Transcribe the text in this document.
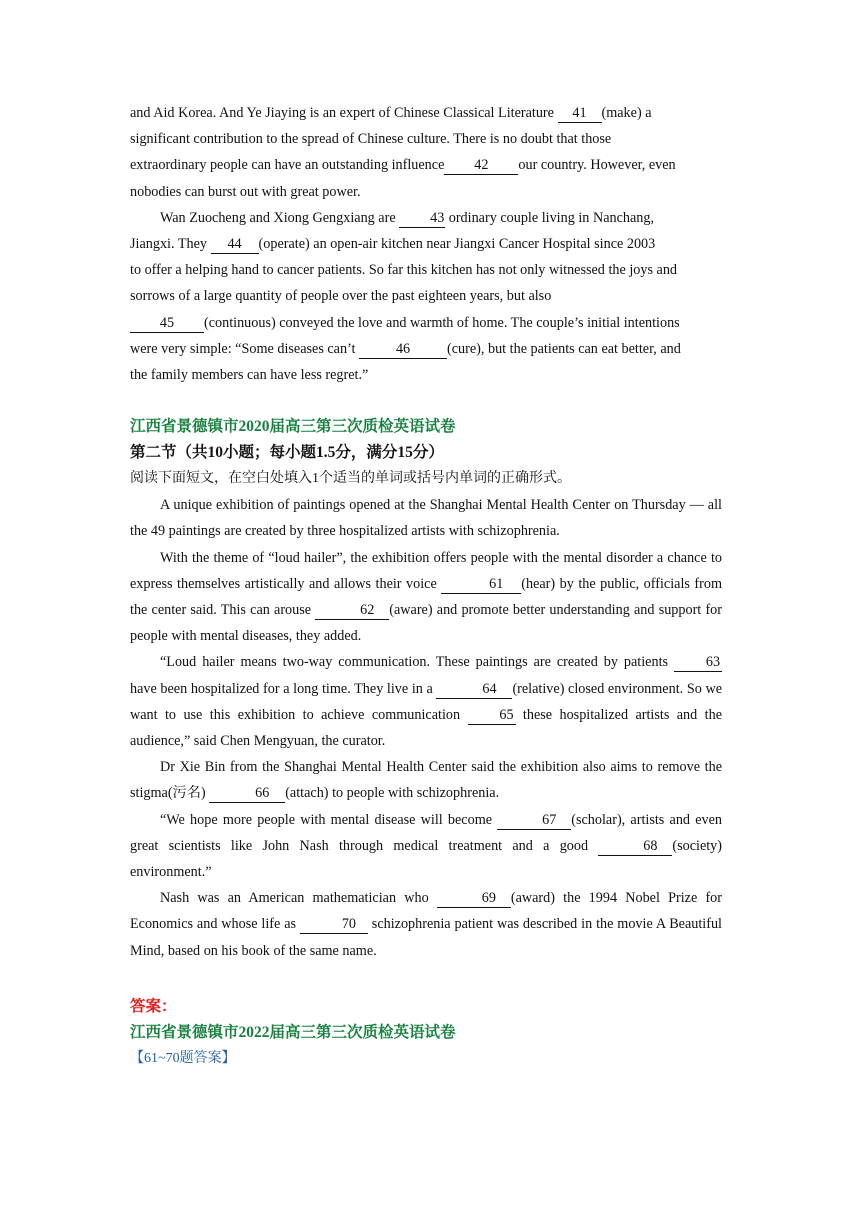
and Aid Korea. And Ye Jiaying is an expert of Chinese Classical Literature 41 (make) a

significant contribution to the spread of Chinese culture. There is no doubt that those

extraordinary people can have an outstanding influence 42 our country. However, even

nobodies can burst out with great power.

Wan Zuocheng and Xiong Gengxiang are 43 ordinary couple living in Nanchang,

Jiangxi. They 44 (operate) an open-air kitchen near Jiangxi Cancer Hospital since 2003

to offer a helping hand to cancer patients. So far this kitchen has not only witnessed the joys and

sorrows of a large quantity of people over the past eighteen years, but also

45 (continuous) conveyed the love and warmth of home. The couple’s initial intentions

were very simple: “Some diseases can’t	46	(cure), but the patients can eat better, and

the family members can have less regret.”

江西省景德镇市2020届高三第三次质检英语试卷

第二节（共10小题；每小题1.5分，满分15分）

阅读下面短文，在空白处填入1个适当的单词或括号内单词的正确形式。

A unique exhibition of paintings opened at the Shanghai Mental Health Center on Thursday — all the 49 paintings are created by three hospitalized artists with schizophrenia.

With the theme of “loud hailer”, the exhibition offers people with the mental disorder a chance to express themselves artistically and allows their voice	61 (hear) by the public, officials from the center said. This can arouse	62 (aware) and promote better understanding and support for people with mental diseases, they added.

“Loud hailer means two-way communication. These paintings are created by patients 63 have been hospitalized for a long time. They live in a	64 (relative) closed environment. So we want to use this exhibition to achieve communication 65 these hospitalized artists and the audience,” said Chen Mengyuan, the curator.

Dr Xie Bin from the Shanghai Mental Health Center said the exhibition also aims to remove the stigma(污名)	66 (attach) to people with schizophrenia.

“We hope more people with mental disease will become	67 (scholar), artists and even great scientists like John Nash through medical treatment and a good	68 (society) environment.”

Nash was an American mathematician who	69 (award) the 1994 Nobel Prize for Economics and whose life as	70 schizophrenia patient was described in the movie A Beautiful Mind, based on his book of the same name.

答案：

江西省景德镇市2022届高三第三次质检英语试卷

【61~70题答案】
